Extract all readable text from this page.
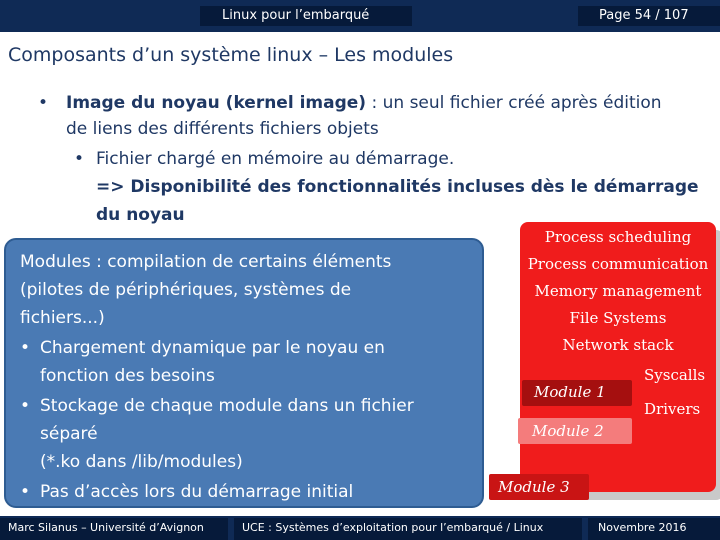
Linux pour l’embarqué	Page 54 / 107
Composants d’un système linux – Les modules
• Image du noyau (kernel image) : un seul fichier créé après édition
de liens des différents fichiers objets
• Fichier chargé en mémoire au démarrage.
=> Disponibilité des fonctionnalités incluses dès le démarrage
du noyau
Process scheduling
Process communication
Memory management
File Systems
Network stack
Syscalls
Drivers
Module 1
Module 2
Module 3
Modules : compilation de certains éléments
(pilotes de périphériques, systèmes de
fichiers...)
• Chargement dynamique par le noyau en
fonction des besoins
• Stockage de chaque module dans un fichier
séparé
(*.ko dans /lib/modules)
• Pas d’accès lors du démarrage initial
Marc Silanus – Université d’Avignon	UCE : Systèmes d’exploitation pour l’embarqué / Linux	Novembre 2016
